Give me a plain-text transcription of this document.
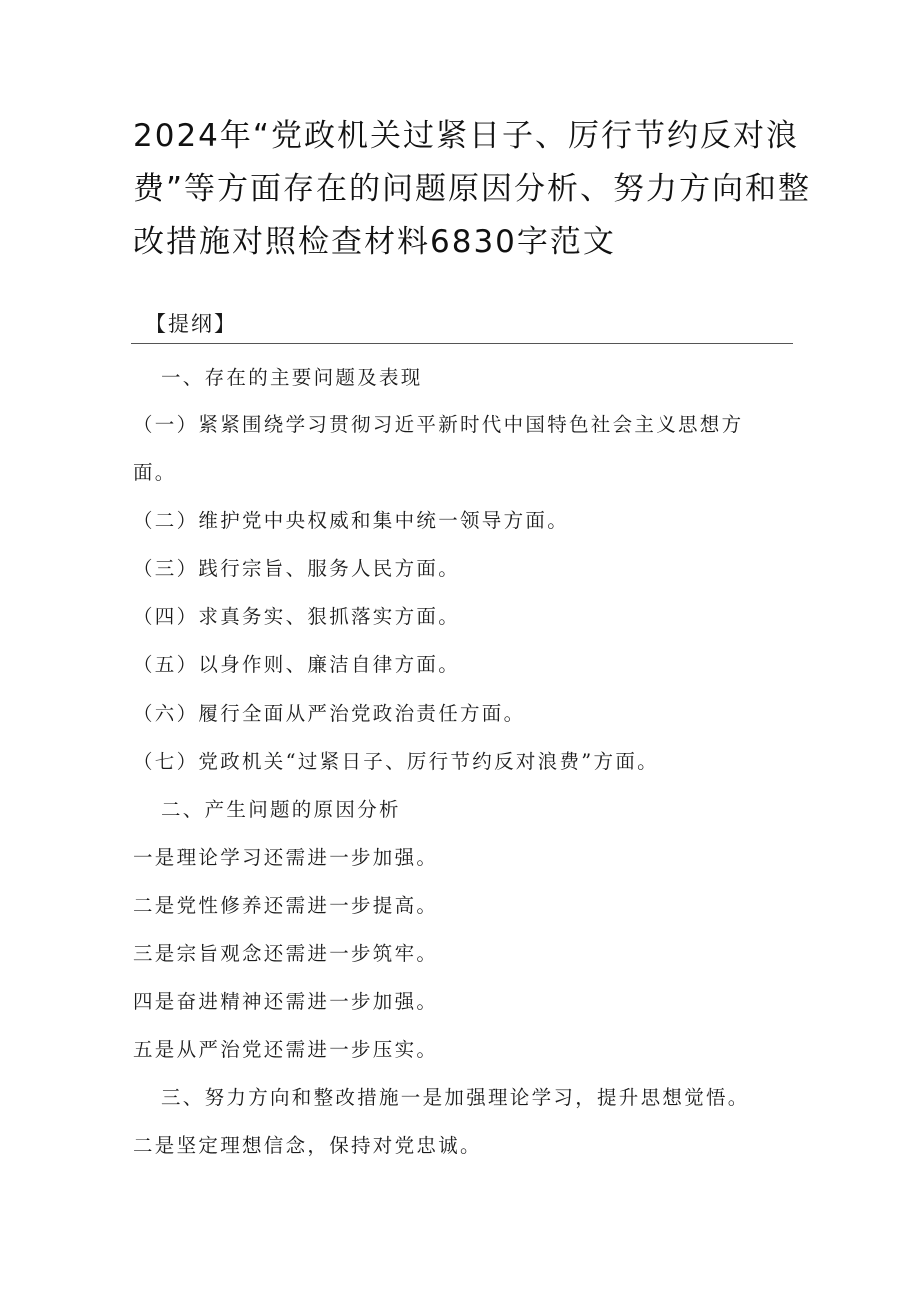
2024年“党政机关过紧日子、厉行节约反对浪费”等方面存在的问题原因分析、努力方向和整改措施对照检查材料6830字范文

【提纲】

一、存在的主要问题及表现

（一）紧紧围绕学习贯彻习近平新时代中国特色社会主义思想方

面。

（二）维护党中央权威和集中统一领导方面。

（三）践行宗旨、服务人民方面。

（四）求真务实、狠抓落实方面。

（五）以身作则、廉洁自律方面。

（六）履行全面从严治党政治责任方面。

（七）党政机关“过紧日子、厉行节约反对浪费”方面。

二、产生问题的原因分析

一是理论学习还需进一步加强。

二是党性修养还需进一步提高。

三是宗旨观念还需进一步筑牢。

四是奋进精神还需进一步加强。

五是从严治党还需进一步压实。

三、努力方向和整改措施一是加强理论学习，提升思想觉悟。

二是坚定理想信念，保持对党忠诚。
